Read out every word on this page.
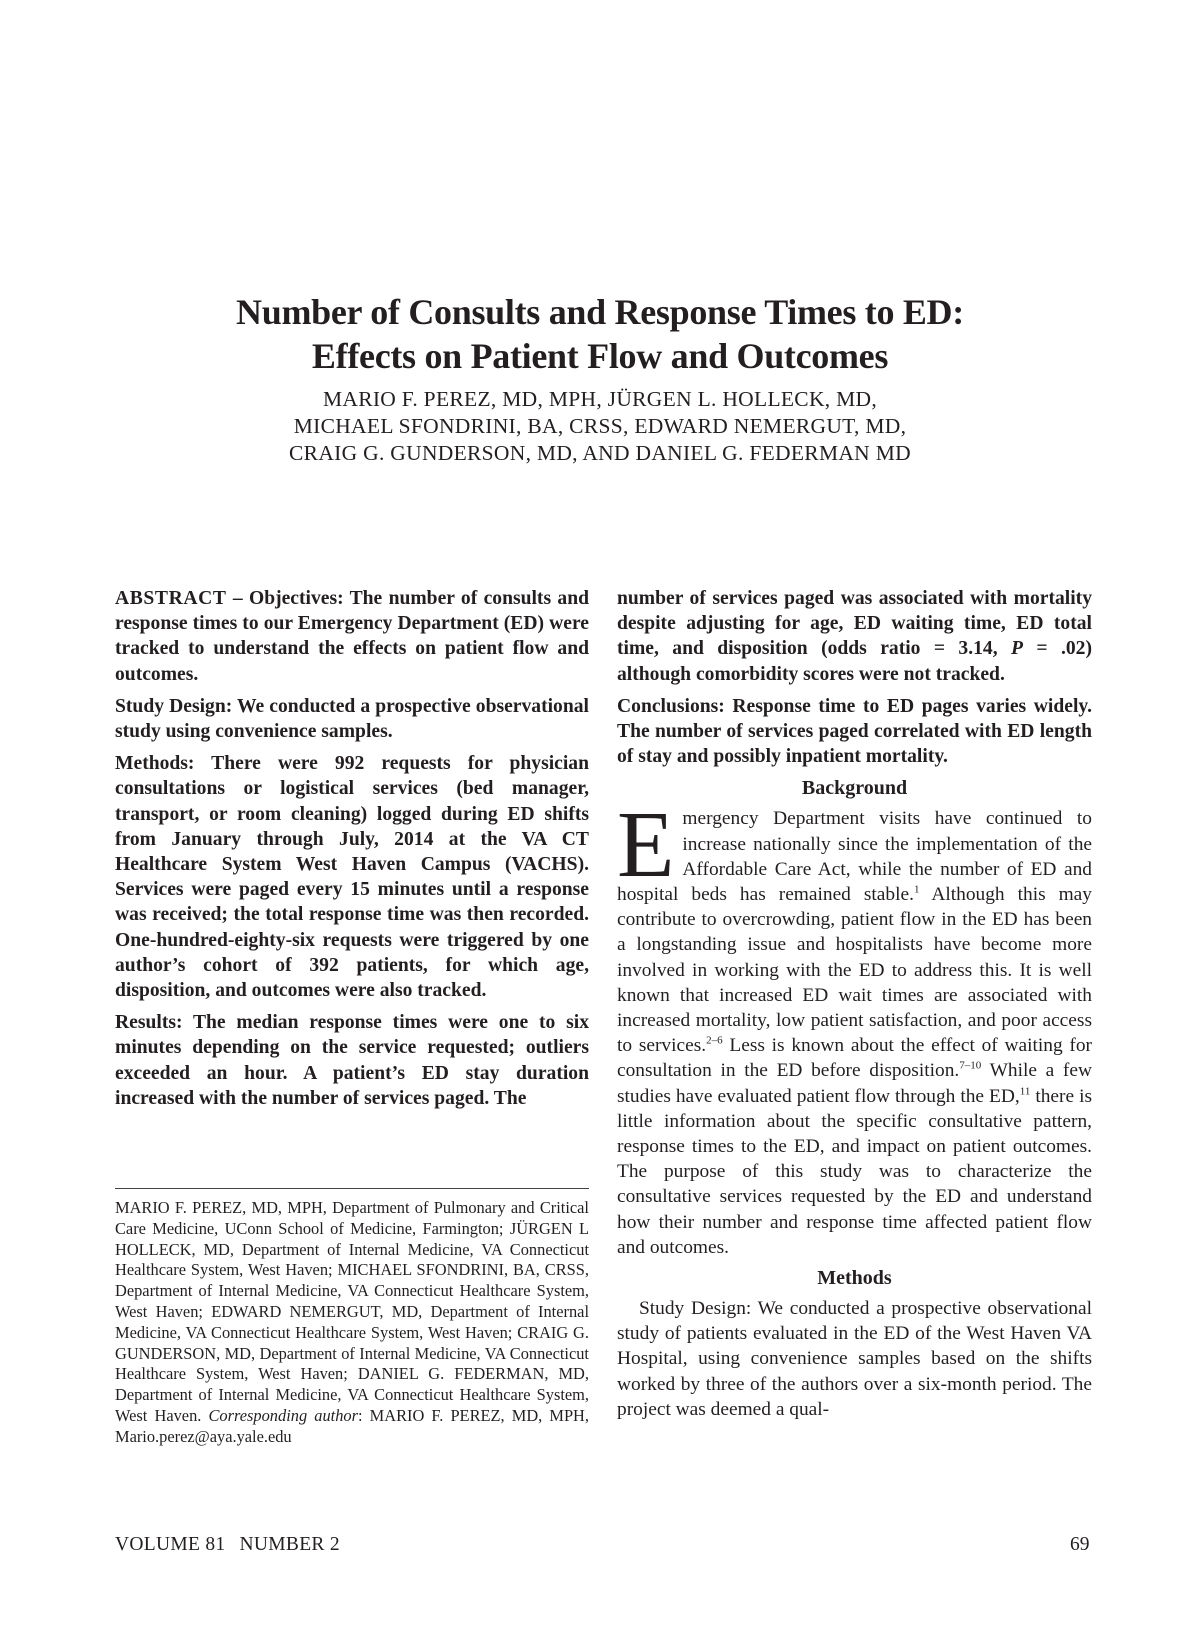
Number of Consults and Response Times to ED:
Effects on Patient Flow and Outcomes
MARIO F. PEREZ, MD, MPH, JÜRGEN L. HOLLECK, MD,
MICHAEL SFONDRINI, BA, CRSS, EDWARD NEMERGUT, MD,
CRAIG G. GUNDERSON, MD, AND DANIEL G. FEDERMAN MD

ABSTRACT – Objectives: The number of consults and response times to our Emergency Department (ED) were tracked to understand the effects on patient flow and outcomes.

Study Design: We conducted a prospective observational study using convenience samples.

Methods: There were 992 requests for physician consultations or logistical services (bed manager, transport, or room cleaning) logged during ED shifts from January through July, 2014 at the VA CT Healthcare System West Haven Campus (VACHS). Services were paged every 15 minutes until a response was received; the total response time was then recorded. One-hundred-eighty-six requests were triggered by one author’s cohort of 392 patients, for which age, disposition, and outcomes were also tracked.

Results: The median response times were one to six minutes depending on the service requested; outliers exceeded an hour. A patient’s ED stay duration increased with the number of services paged. The

MARIO F. PEREZ, MD, MPH, Department of Pulmonary and Critical Care Medicine, UConn School of Medicine, Farmington; JÜRGEN L HOLLECK, MD, Department of Internal Medicine, VA Connecticut Healthcare System, West Haven; MICHAEL SFONDRINI, BA, CRSS, Department of Internal Medicine, VA Connecticut Healthcare System, West Haven; EDWARD NEMERGUT, MD, Department of Internal Medicine, VA Connecticut Healthcare System, West Haven; CRAIG G. GUNDERSON, MD, Department of Internal Medicine, VA Connecticut Healthcare System, West Haven; DANIEL G. FEDERMAN, MD, Department of Internal Medicine, VA Connecticut Healthcare System, West Haven. Corresponding author: MARIO F. PEREZ, MD, MPH, Mario.perez@aya.yale.edu

number of services paged was associated with mortality despite adjusting for age, ED waiting time, ED total time, and disposition (odds ratio = 3.14, P = .02) although comorbidity scores were not tracked.

Conclusions: Response time to ED pages varies widely. The number of services paged correlated with ED length of stay and possibly inpatient mortality.

Background

Emergency Department visits have continued to increase nationally since the implementation of the Affordable Care Act, while the number of ED and hospital beds has remained stable.$^1$ Although this may contribute to overcrowding, patient flow in the ED has been a longstanding issue and hospitalists have become more involved in working with the ED to address this. It is well known that increased ED wait times are associated with increased mortality, low patient satisfaction, and poor access to services.$^{2-6}$ Less is known about the effect of waiting for consultation in the ED before disposition.$^{7-10}$ While a few studies have evaluated patient flow through the ED,$^{11}$ there is little information about the specific consultative pattern, response times to the ED, and impact on patient outcomes. The purpose of this study was to characterize the consultative services requested by the ED and understand how their number and response time affected patient flow and outcomes.

Methods

Study Design: We conducted a prospective observational study of patients evaluated in the ED of the West Haven VA Hospital, using convenience samples based on the shifts worked by three of the authors over a six-month period. The project was deemed a qual-

VOLUME 81 NUMBER 2	69
